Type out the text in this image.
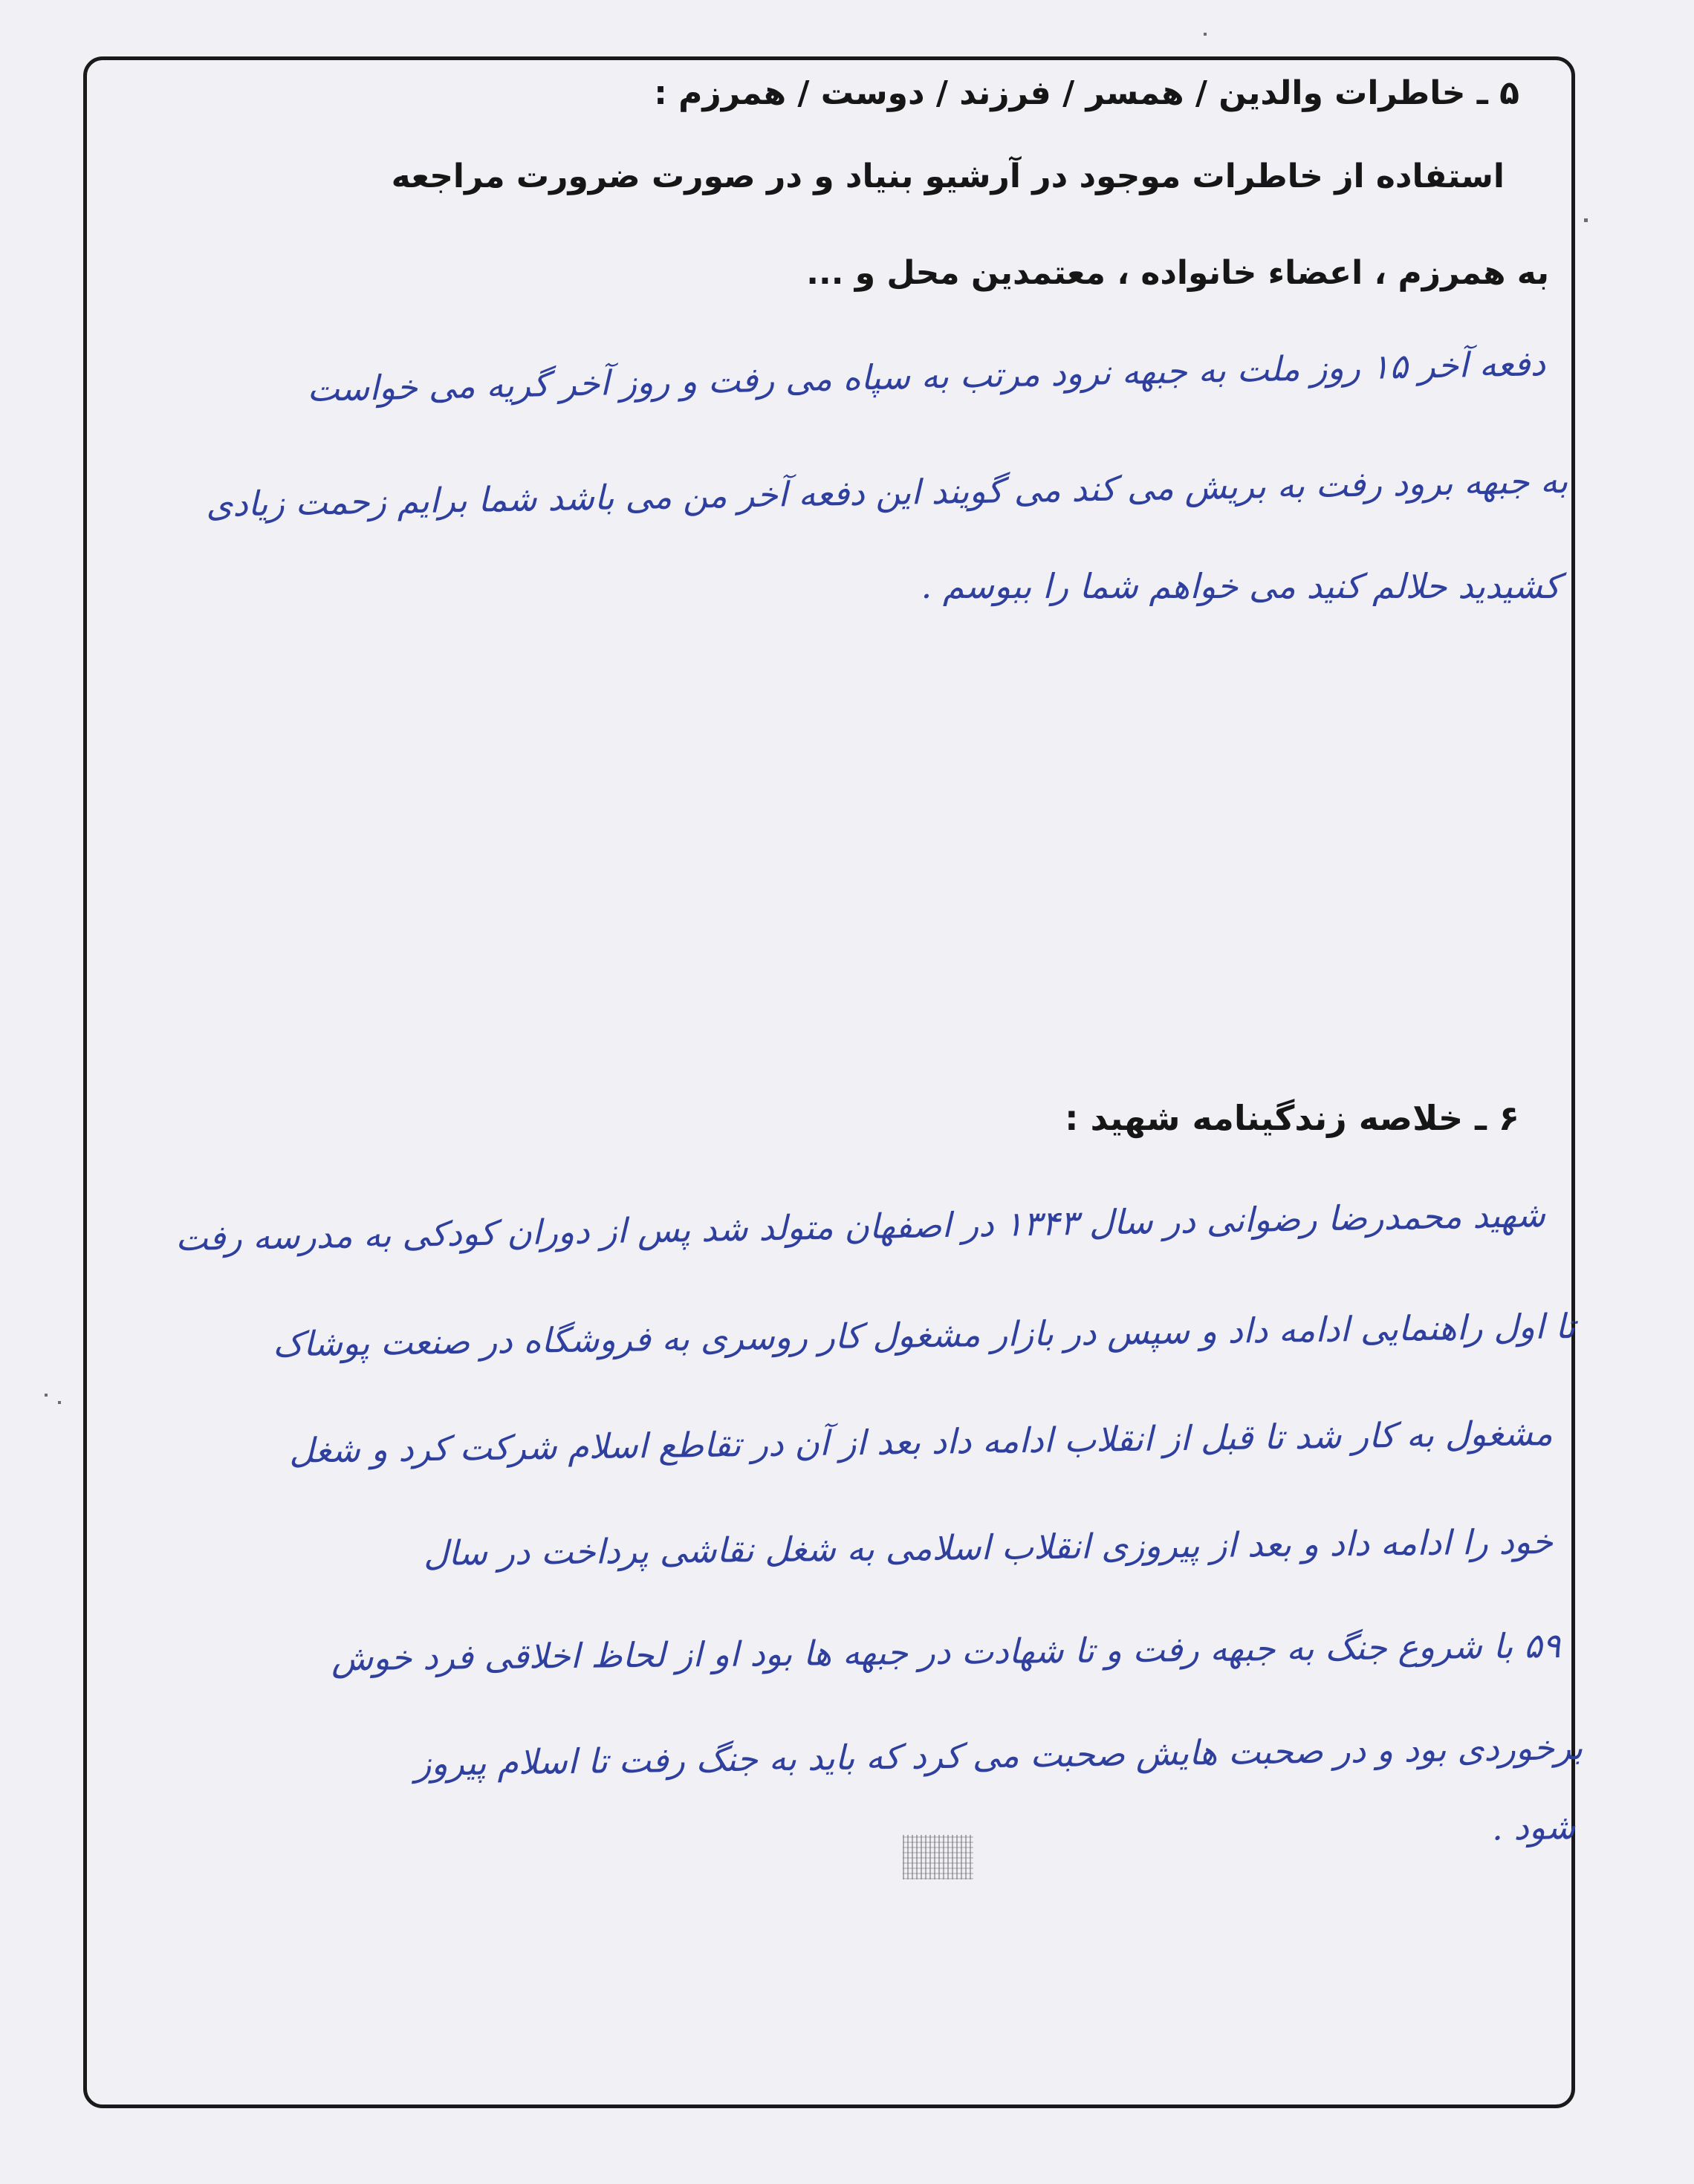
۵ ـ خاطرات والدین / همسر / فرزند / دوست / همرزم :
استفاده از خاطرات موجود در آرشیو بنیاد و در صورت ضرورت مراجعه
به همرزم ، اعضاء خانواده ، معتمدین محل و ...
دفعه آخر ۱۵ روز ملت به جبهه نرود مرتب به سپاه می رفت و روز آخر گریه می خواست
به جبهه برود رفت به بریش می کند می گویند این دفعه آخر من می باشد شما برایم زحمت زیادی
کشیدید حلالم کنید می خواهم شما را ببوسم .
۶ ـ خلاصه زندگینامه شهید :
شهید محمدرضا رضوانی در سال ۱۳۴۳ در اصفهان متولد شد پس از دوران کودکی به مدرسه رفت
تا اول راهنمایی ادامه داد و سپس در بازار مشغول کار روسری به فروشگاه در صنعت پوشاک
مشغول به کار شد تا قبل از انقلاب ادامه داد بعد از آن در تقاطع اسلام شرکت کرد و شغل
خود را ادامه داد و بعد از پیروزی انقلاب اسلامی به شغل نقاشی پرداخت در سال
۵۹ با شروع جنگ به جبهه رفت و تا شهادت در جبهه ها بود او از لحاظ اخلاقی فرد خوش
برخوردی بود و در صحبت هایش صحبت می کرد که باید به جنگ رفت تا اسلام پیروز
شود .
